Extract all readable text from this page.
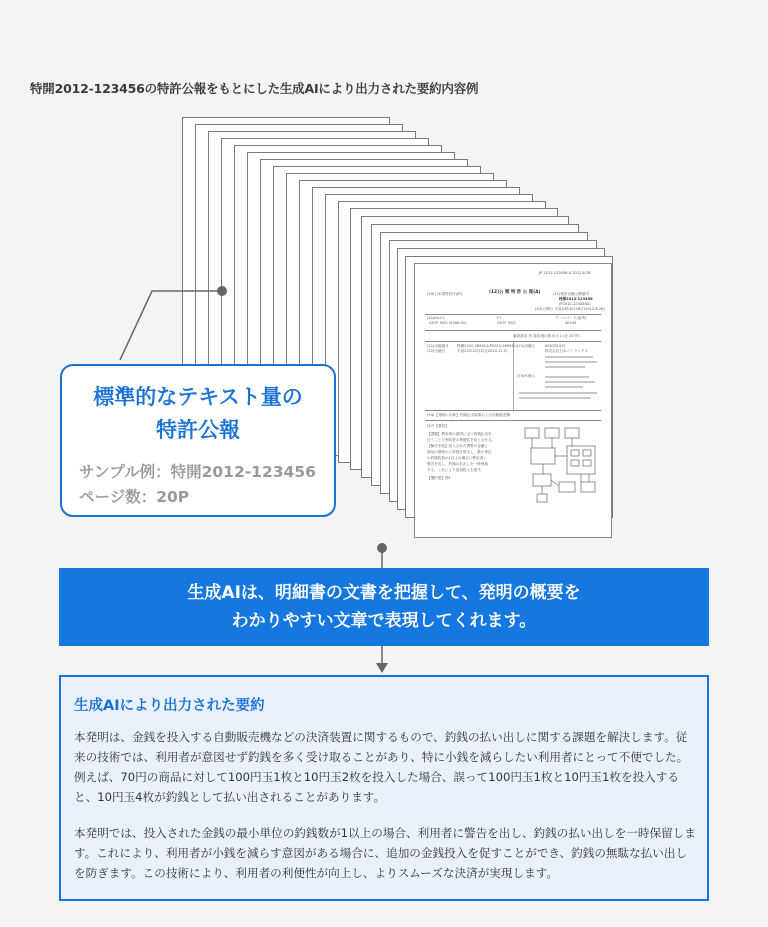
特開2012-123456の特許公報をもとにした生成AIにより出力された要約内容例
JP 2012-123456 A 2012.6.28
(19)日本国特許庁(JP)	(12)公 開 特 許 公 報(A)	(11)特許出願公開番号
特開2012-123456
(P2012-123456A)
(43)公開日 平成24年6月28日(2012.6.28)
(51)Int.Cl.
G07F 9/02 (2006.01)
F I
G07F 9/02
テーマコード(参考)
3E044
審査請求 有 請求項の数 6 O L (全 20 頁)
(21)出願番号 特願2010-269411(P2010-269411)
(22)出願日	平成22年12月2日(2010.12.2)
(71)出願人	000132470
株式会社日本コンラックス
(74)代理人
(54)【発明の名称】釣銭払出装置および自動販売機
(57)【要約】
【課題】利用者の意図に沿う釣銭払出を
行うことで利用者の利便性を向上させる。
【解決手段】投入された貨幣の金額と
商品の価格から釣銭を算出し、最小単位
の釣銭枚数が1以上の場合に利用者に
警告を出し、釣銭の払出しを一時保留
する。これにより追加投入を促す。
【選択図】図1
標準的なテキスト量の
特許公報
サンプル例：特開2012-123456
ページ数：20P
生成AIは、明細書の文書を把握して、発明の概要を
わかりやすい文章で表現してくれます。
生成AIにより出力された要約

本発明は、金銭を投入する自動販売機などの決済装置に関するもので、釣銭の払い出しに関する課題を解決します。従来の技術では、利用者が意図せず釣銭を多く受け取ることがあり、特に小銭を減らしたい利用者にとって不便でした。例えば、70円の商品に対して100円玉1枚と10円玉2枚を投入した場合、誤って100円玉1枚と10円玉1枚を投入すると、10円玉4枚が釣銭として払い出されることがあります。

本発明では、投入された金銭の最小単位の釣銭数が1以上の場合、利用者に警告を出し、釣銭の払い出しを一時保留します。これにより、利用者が小銭を減らす意図がある場合に、追加の金銭投入を促すことができ、釣銭の無駄な払い出しを防ぎます。この技術により、利用者の利便性が向上し、よりスムーズな決済が実現します。
